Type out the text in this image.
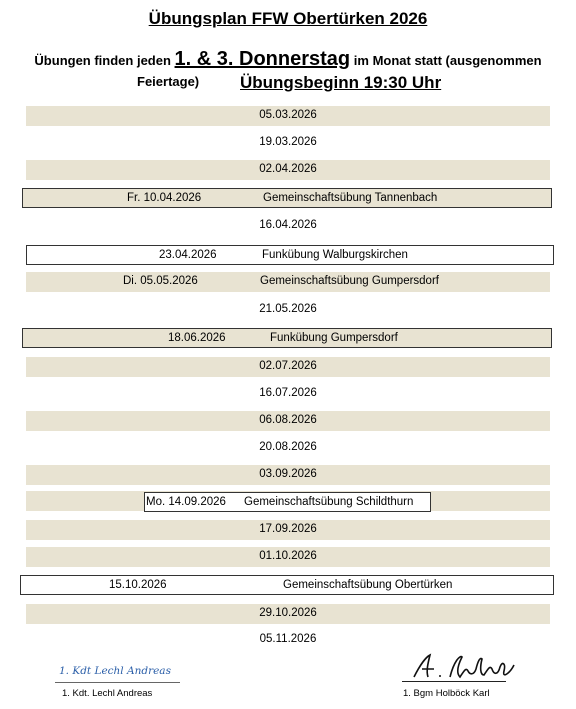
Übungsplan FFW Obertürken 2026
Übungen finden jeden 1. & 3. Donnerstag im Monat statt (ausgenommen
Feiertage) Übungsbeginn 19:30 Uhr
05.03.2026
19.03.2026
02.04.2026
Fr. 10.04.2026	Gemeinschaftsübung Tannenbach
16.04.2026
23.04.2026	Funkübung Walburgskirchen
Di. 05.05.2026	Gemeinschaftsübung Gumpersdorf
21.05.2026
18.06.2026	Funkübung Gumpersdorf
02.07.2026
16.07.2026
06.08.2026
20.08.2026
03.09.2026
Mo. 14.09.2026 Gemeinschaftsübung Schildthurn
17.09.2026
01.10.2026
15.10.2026	Gemeinschaftsübung Obertürken
29.10.2026
05.11.2026
1. Kdt Lechl Andreas
1. Kdt. Lechl Andreas	1. Bgm Holböck Karl
